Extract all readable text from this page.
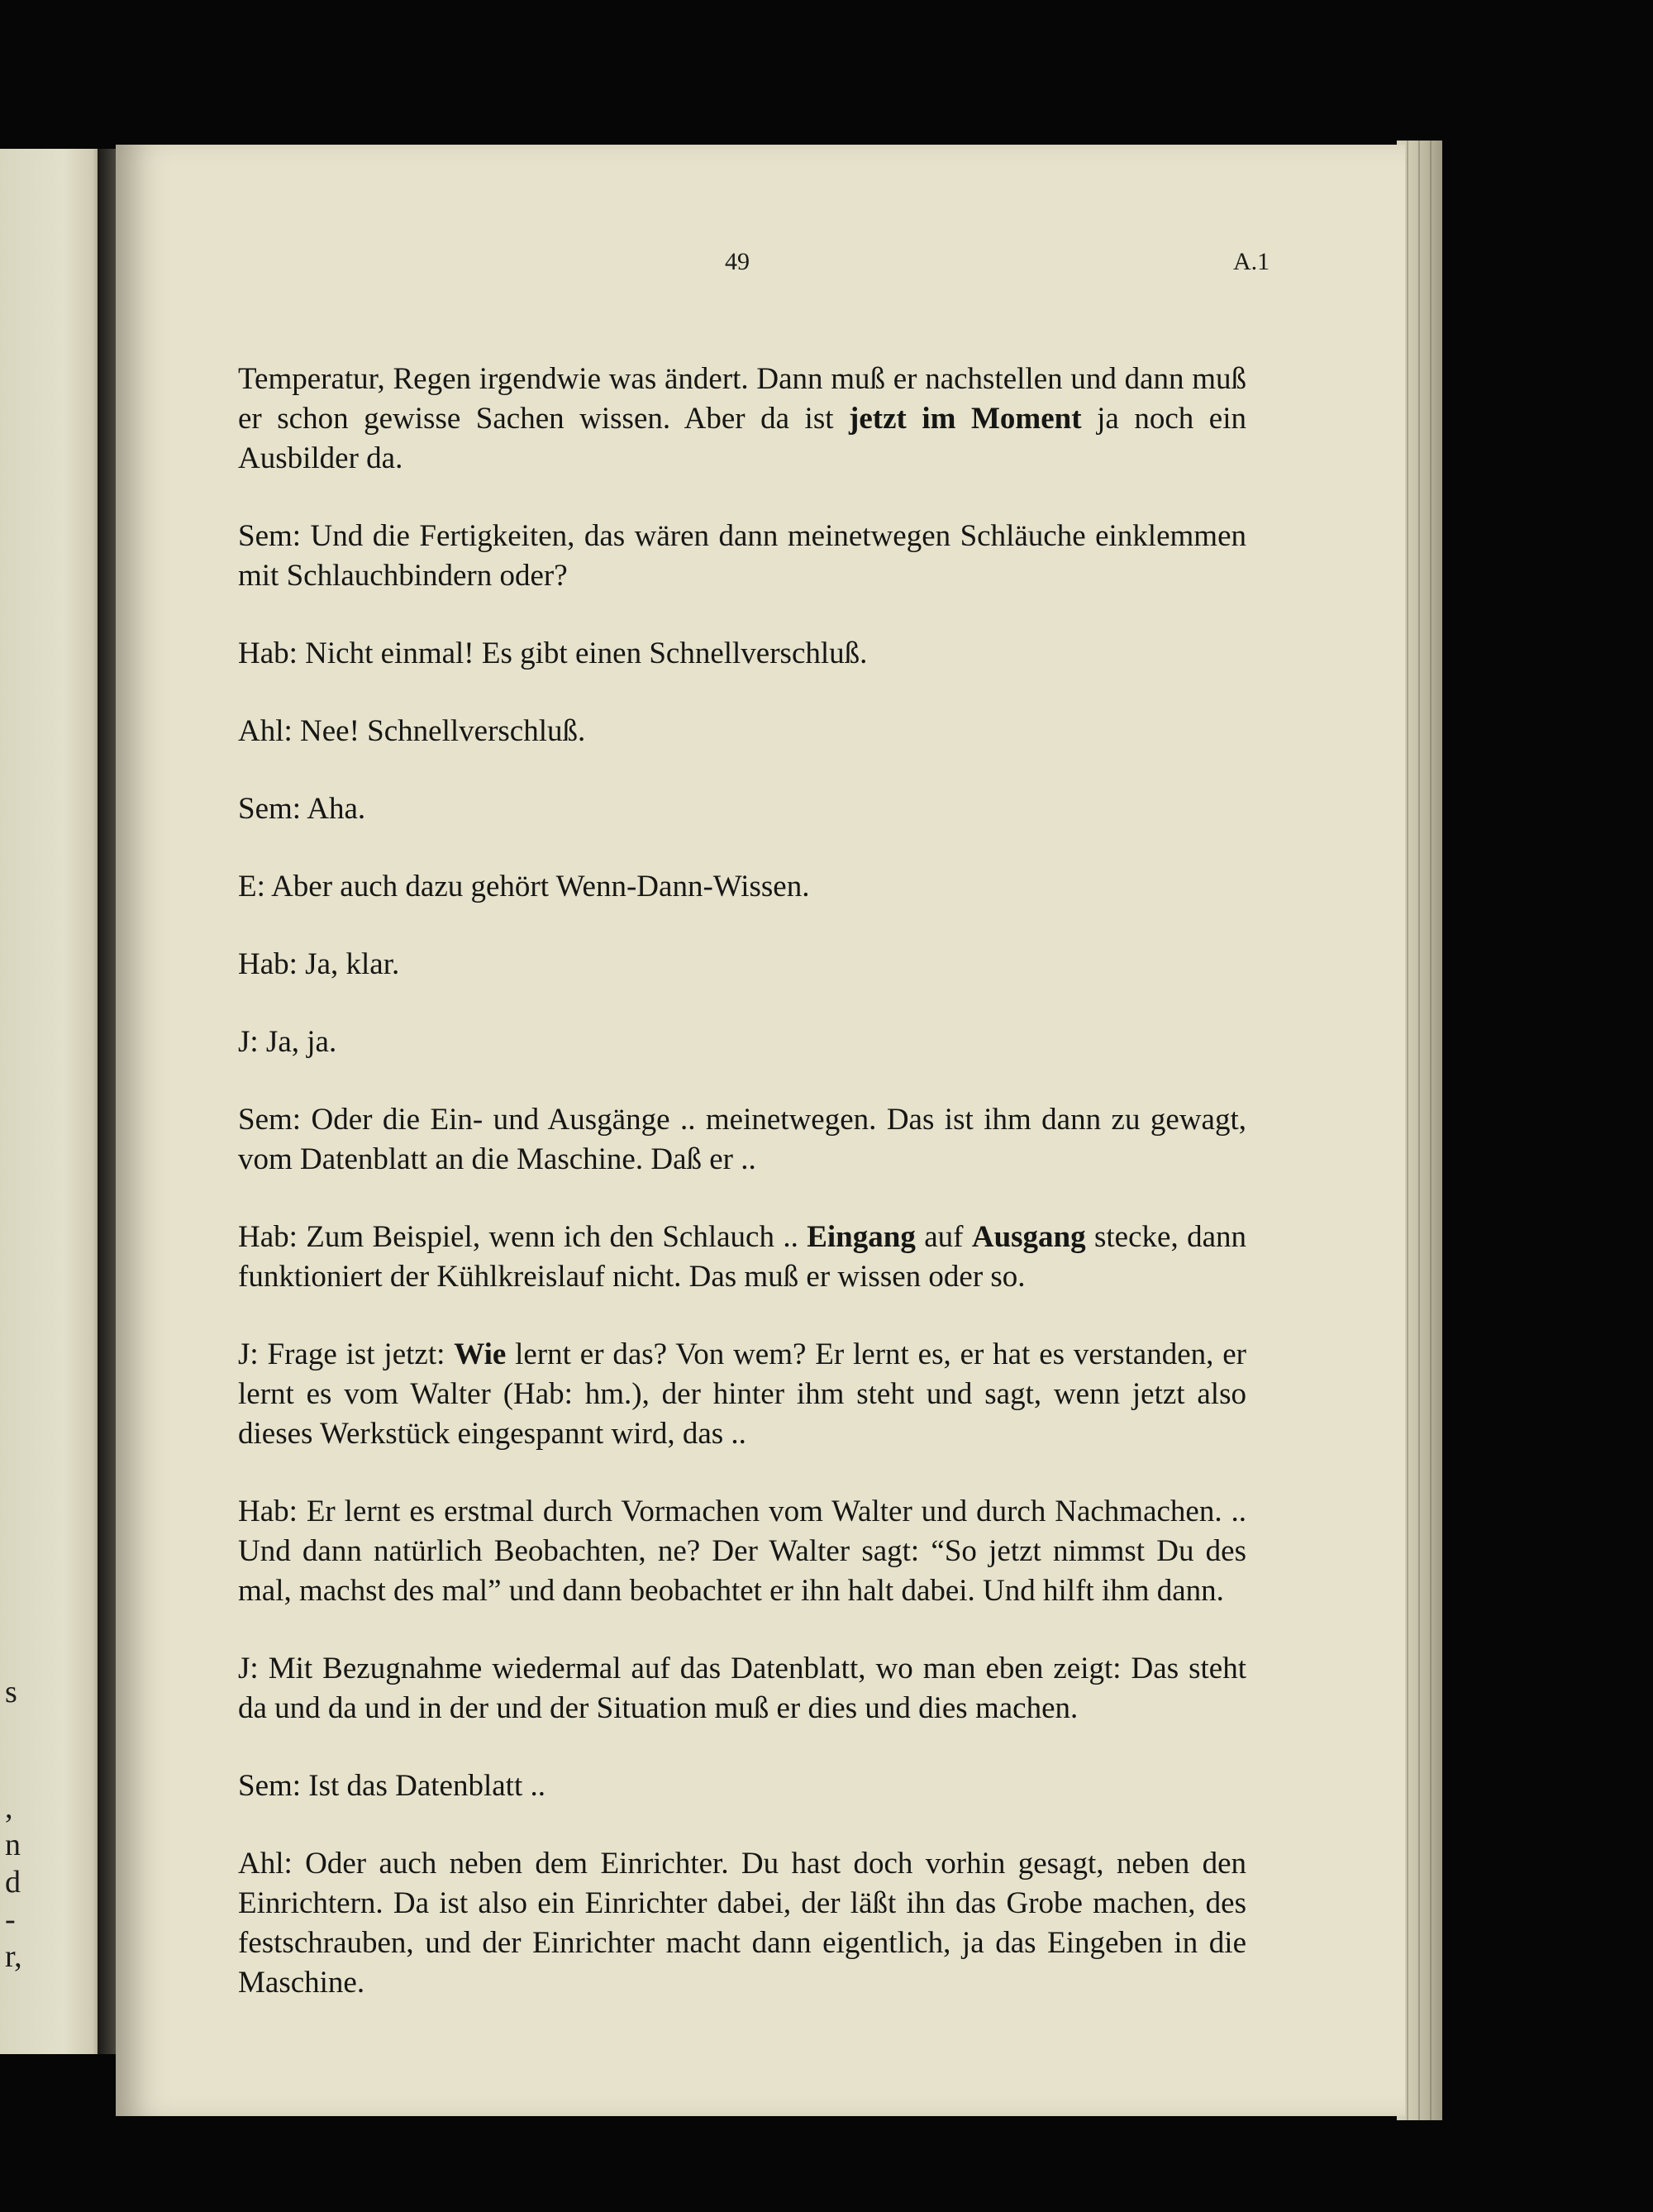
s
,
n
d
-
r,
49	A.1

Temperatur, Regen irgendwie was ändert. Dann muß er nachstellen und dann muß er schon gewisse Sachen wissen. Aber da ist jetzt im Moment ja noch ein Ausbilder da.

Sem: Und die Fertigkeiten, das wären dann meinetwegen Schläuche einklemmen mit Schlauchbindern oder?

Hab: Nicht einmal! Es gibt einen Schnellverschluß.

Ahl: Nee! Schnellverschluß.

Sem: Aha.

E: Aber auch dazu gehört Wenn-Dann-Wissen.

Hab: Ja, klar.

J: Ja, ja.

Sem: Oder die Ein- und Ausgänge .. meinetwegen. Das ist ihm dann zu gewagt, vom Datenblatt an die Maschine. Daß er ..

Hab: Zum Beispiel, wenn ich den Schlauch .. Eingang auf Ausgang stecke, dann funktioniert der Kühlkreislauf nicht. Das muß er wissen oder so.

J: Frage ist jetzt: Wie lernt er das? Von wem? Er lernt es, er hat es verstanden, er lernt es vom Walter (Hab: hm.), der hinter ihm steht und sagt, wenn jetzt also dieses Werkstück eingespannt wird, das ..

Hab: Er lernt es erstmal durch Vormachen vom Walter und durch Nachmachen. .. Und dann natürlich Beobachten, ne? Der Walter sagt: “So jetzt nimmst Du des mal, machst des mal” und dann beobachtet er ihn halt dabei. Und hilft ihm dann.

J: Mit Bezugnahme wiedermal auf das Datenblatt, wo man eben zeigt: Das steht da und da und in der und der Situation muß er dies und dies machen.

Sem: Ist das Datenblatt ..

Ahl: Oder auch neben dem Einrichter. Du hast doch vorhin gesagt, neben den Einrichtern. Da ist also ein Einrichter dabei, der läßt ihn das Grobe machen, des festschrauben, und der Einrichter macht dann eigentlich, ja das Eingeben in die Maschine.
